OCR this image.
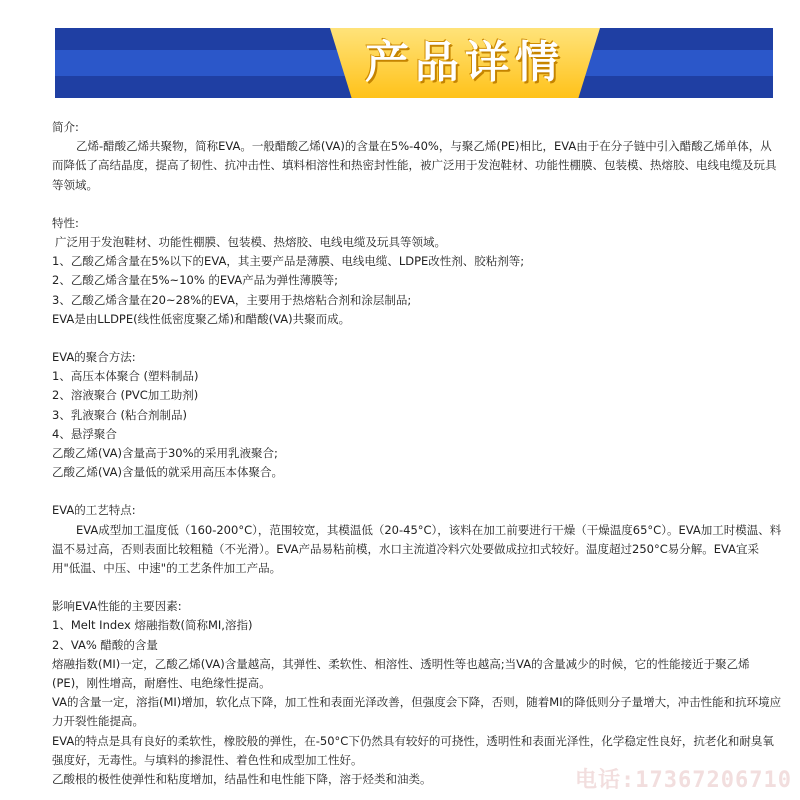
产品详情

简介:

乙烯-醋酸乙烯共聚物，简称EVA。一般醋酸乙烯(VA)的含量在5%-40%，与聚乙烯(PE)相比，EVA由于在分子链中引入醋酸乙烯单体，从而降低了高结晶度，提高了韧性、抗冲击性、填料相溶性和热密封性能，被广泛用于发泡鞋材、功能性棚膜、包装模、热熔胶、电线电缆及玩具等领域。

特性:

广泛用于发泡鞋材、功能性棚膜、包装模、热熔胶、电线电缆及玩具等领域。

1、乙酸乙烯含量在5%以下的EVA，其主要产品是薄膜、电线电缆、LDPE改性剂、胶粘剂等;

2、乙酸乙烯含量在5%~10% 的EVA产品为弹性薄膜等;

3、乙酸乙烯含量在20~28%的EVA，主要用于热熔粘合剂和涂层制品;

EVA是由LLDPE(线性低密度聚乙烯)和醋酸(VA)共聚而成。

EVA的聚合方法:

1、高压本体聚合 (塑料制品)

2、溶液聚合 (PVC加工助剂)

3、乳液聚合 (粘合剂制品)

4、悬浮聚合

乙酸乙烯(VA)含量高于30%的采用乳液聚合;

乙酸乙烯(VA)含量低的就采用高压本体聚合。

EVA的工艺特点:

EVA成型加工温度低（160-200°C），范围较宽，其模温低（20-45°C），该料在加工前要进行干燥（干燥温度65°C）。EVA加工时模温、料温不易过高，否则表面比较粗糙（不光滑）。EVA产品易粘前模，水口主流道冷料穴处要做成拉扣式较好。温度超过250°C易分解。EVA宜采用"低温、中压、中速"的工艺条件加工产品。

影响EVA性能的主要因素:

1、Melt Index 熔融指数(简称MI,溶指)

2、VA% 醋酸的含量

熔融指数(MI)一定，乙酸乙烯(VA)含量越高，其弹性、柔软性、相溶性、透明性等也越高;当VA的含量减少的时候，它的性能接近于聚乙烯(PE)，刚性增高，耐磨性、电绝缘性提高。

VA的含量一定，溶指(MI)增加，软化点下降，加工性和表面光泽改善，但强度会下降，否则，随着MI的降低则分子量增大，冲击性能和抗环境应力开裂性能提高。

EVA的特点是具有良好的柔软性，橡胶般的弹性，在-50°C下仍然具有较好的可挠性，透明性和表面光泽性，化学稳定性良好，抗老化和耐臭氧强度好，无毒性。与填料的掺混性、着色性和成型加工性好。

乙酸根的极性使弹性和粘度增加，结晶性和电性能下降，溶于烃类和油类。	电话:17367206710
